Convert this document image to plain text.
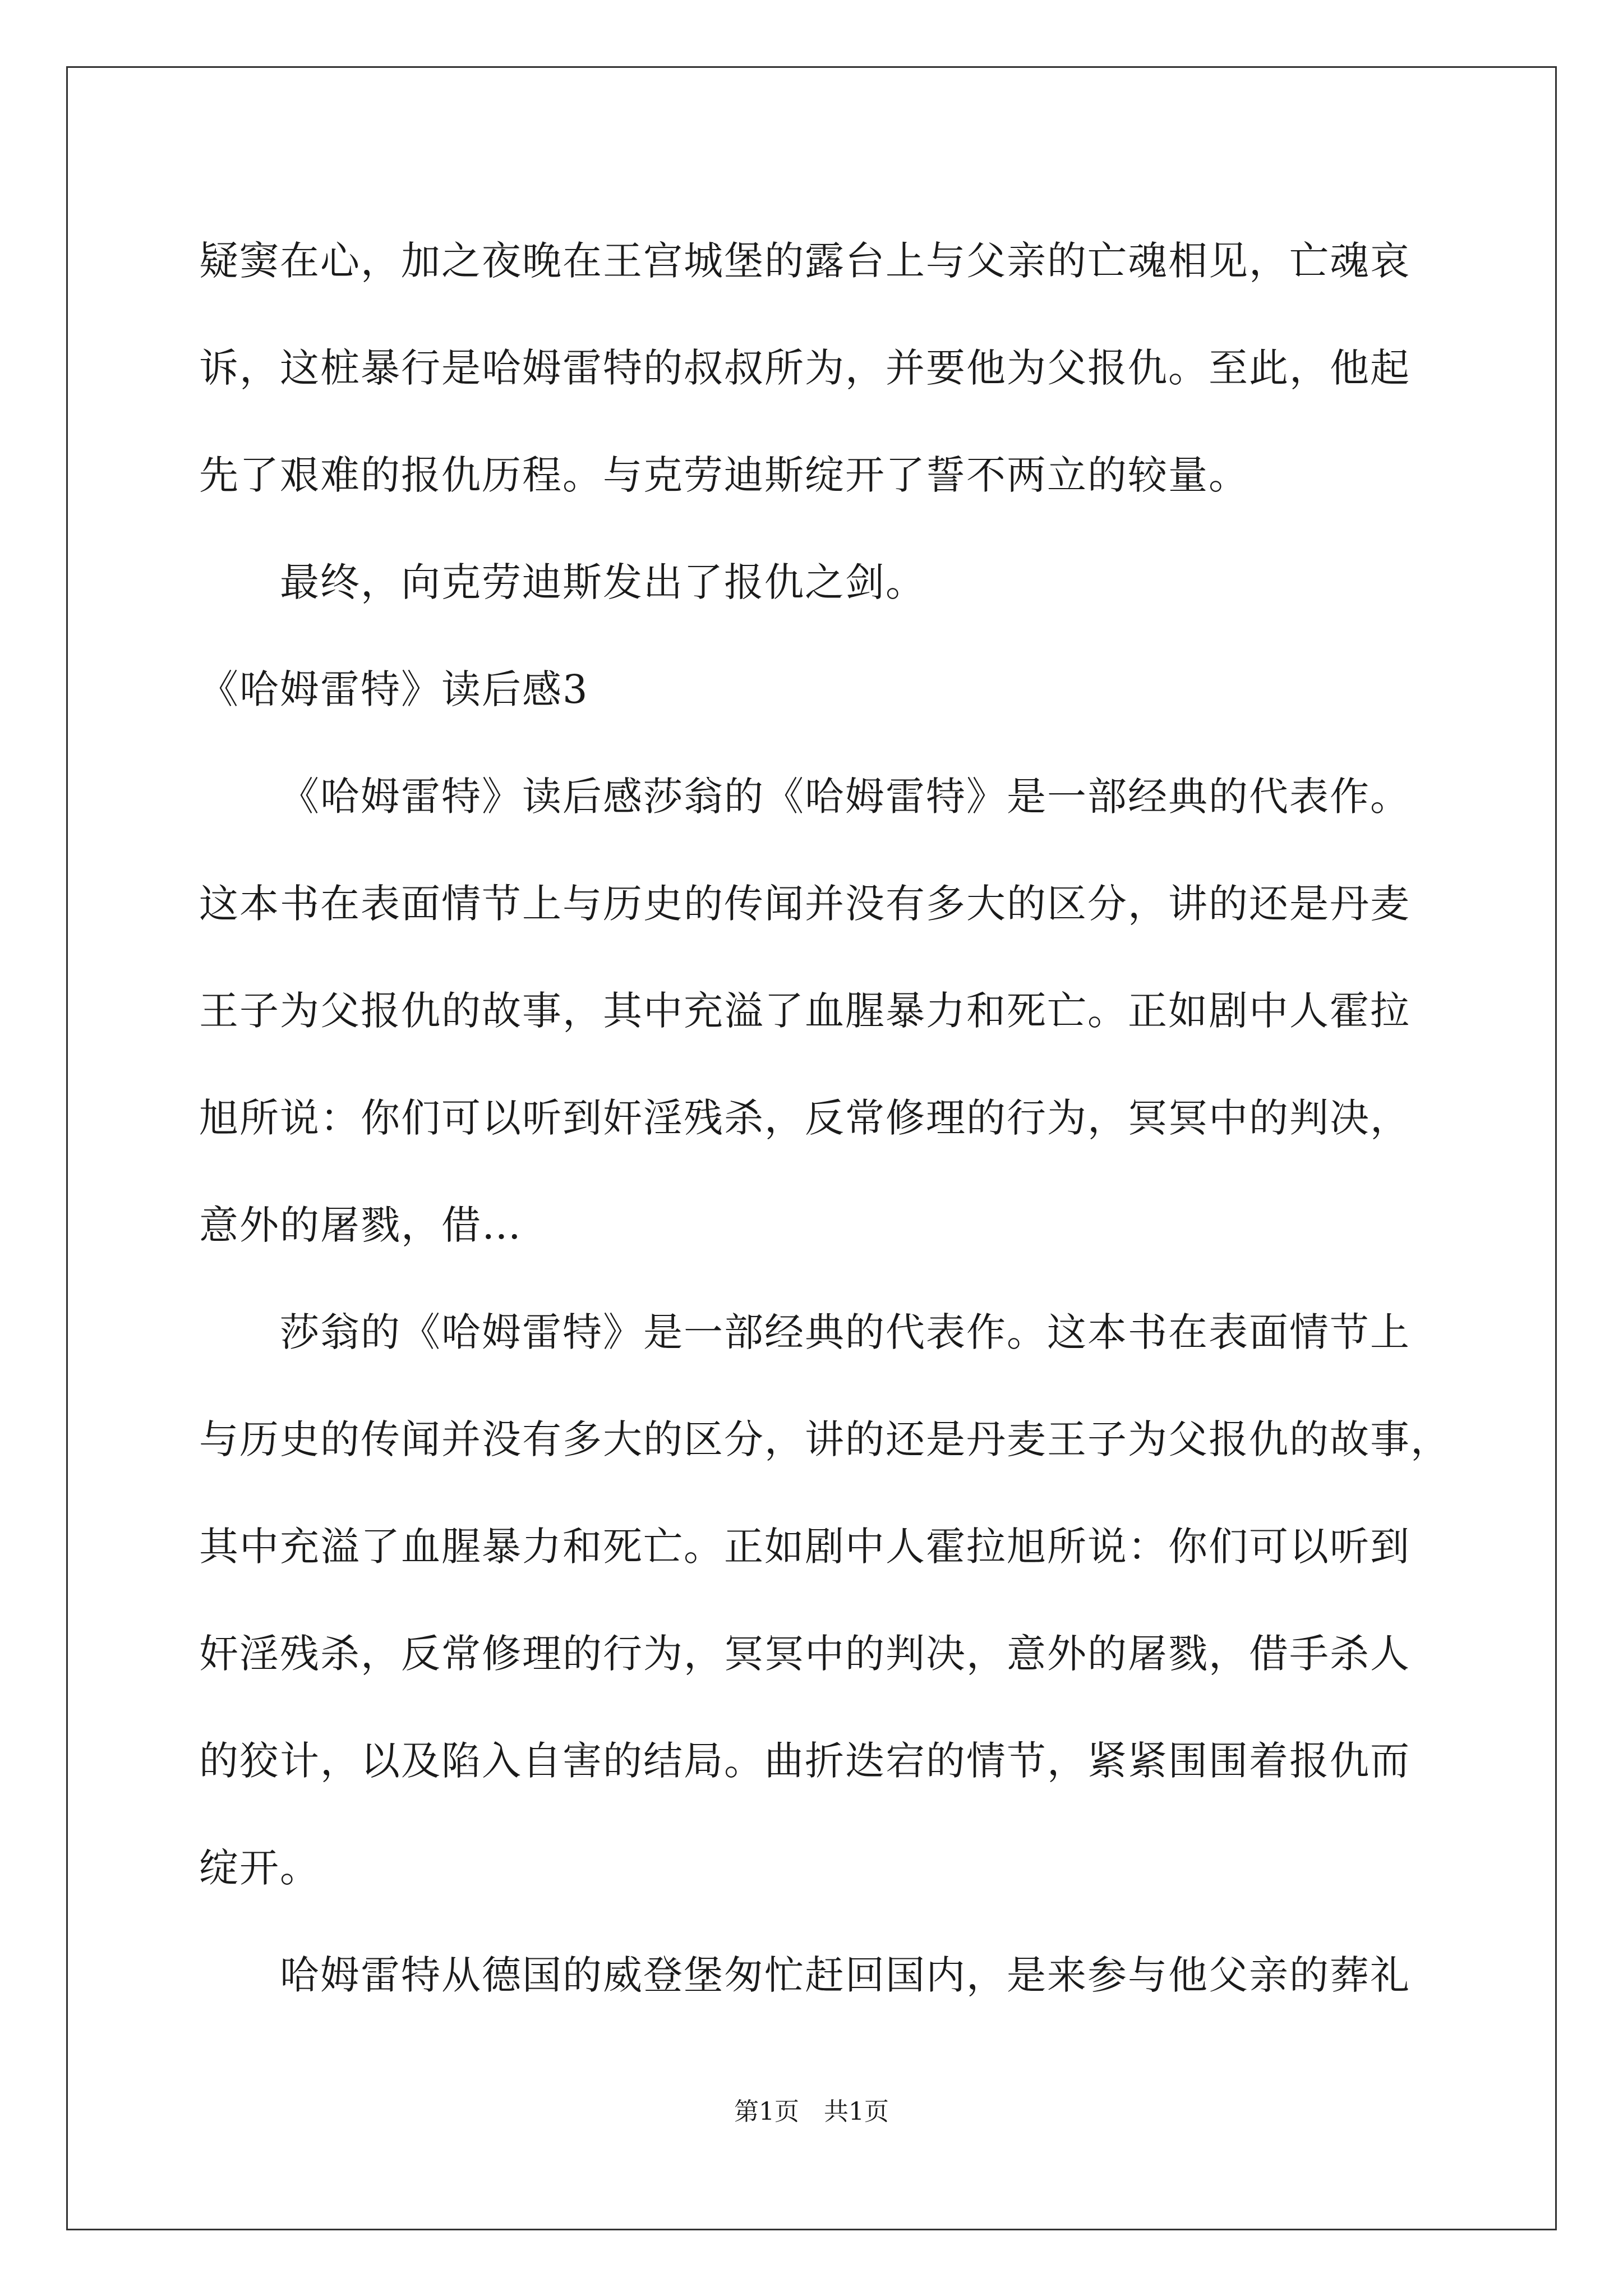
疑窦在心，加之夜晚在王宫城堡的露台上与父亲的亡魂相见，亡魂哀
诉，这桩暴行是哈姆雷特的叔叔所为，并要他为父报仇。至此，他起
先了艰难的报仇历程。与克劳迪斯绽开了誓不两立的较量。
最终，向克劳迪斯发出了报仇之剑。
《哈姆雷特》读后感3
《哈姆雷特》读后感莎翁的《哈姆雷特》是一部经典的代表作。
这本书在表面情节上与历史的传闻并没有多大的区分，讲的还是丹麦
王子为父报仇的故事，其中充溢了血腥暴力和死亡。正如剧中人霍拉
旭所说：你们可以听到奸淫残杀，反常修理的行为，冥冥中的判决，
意外的屠戮，借…
莎翁的《哈姆雷特》是一部经典的代表作。这本书在表面情节上
与历史的传闻并没有多大的区分，讲的还是丹麦王子为父报仇的故事，
其中充溢了血腥暴力和死亡。正如剧中人霍拉旭所说：你们可以听到
奸淫残杀，反常修理的行为，冥冥中的判决，意外的屠戮，借手杀人
的狡计，以及陷入自害的结局。曲折迭宕的情节，紧紧围围着报仇而
绽开。
哈姆雷特从德国的威登堡匆忙赶回国内，是来参与他父亲的葬礼
第1页　共1页
